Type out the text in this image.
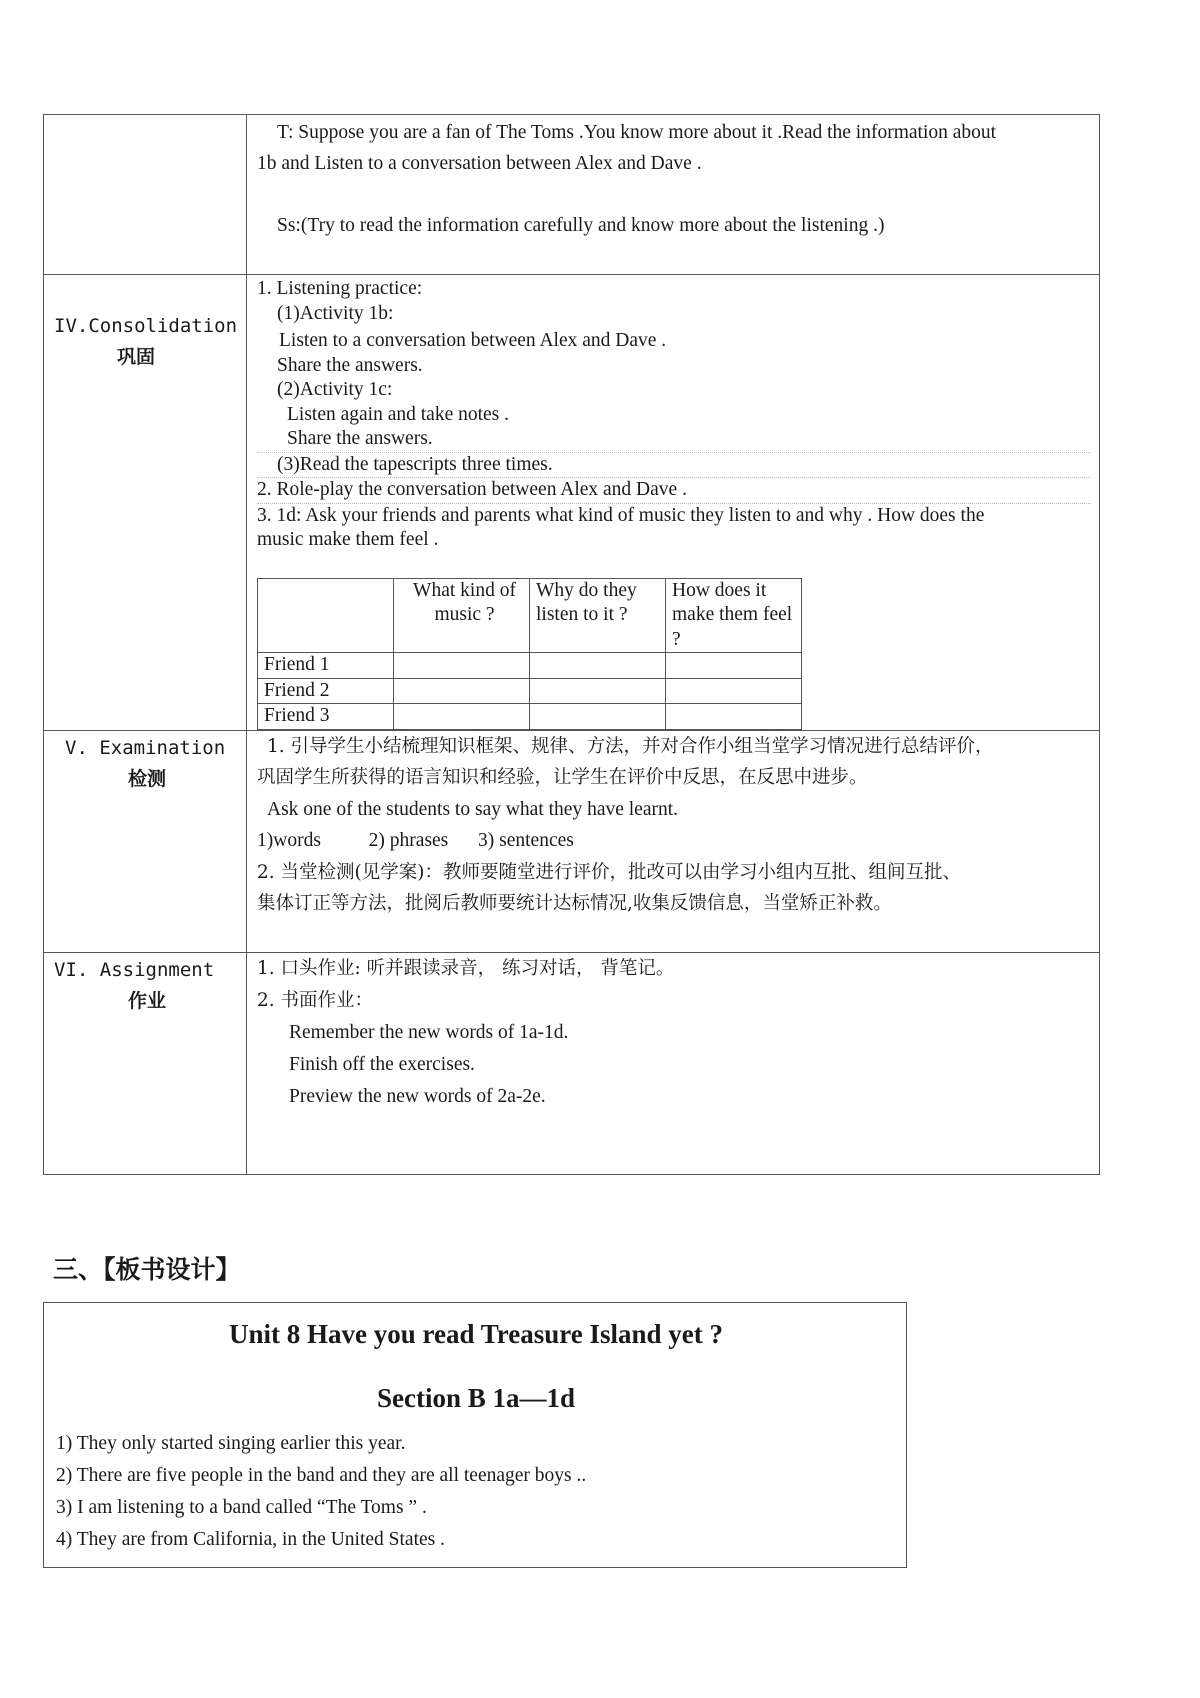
T: Suppose you are a fan of The Toms .You know more about it .Read the information about

1b and Listen to a conversation between Alex and Dave .

Ss:(Try to read the information carefully and know more about the listening .)

IV.Consolidation
巩固

1. Listening practice:

(1)Activity 1b:

Listen to a conversation between Alex and Dave .

Share the answers.

(2)Activity 1c:

Listen again and take notes .

Share the answers.

(3)Read the tapescripts three times.

2. Role-play the conversation between Alex and Dave .

3. 1d: Ask your friends and parents what kind of music they listen to and why . How does the

music make them feel .

	What kind of music ?	Why do they listen to it ?	How does it make them feel ?
Friend 1			
Friend 2			
Friend 3			

V. Examination
检测

1. 引导学生小结梳理知识框架、规律、方法，并对合作小组当堂学习情况进行总结评价，

巩固学生所获得的语言知识和经验，让学生在评价中反思，在反思中进步。

Ask one of the students to say what they have learnt.

1)words 2) phrases 3) sentences

2. 当堂检测(见学案)：教师要随堂进行评价，批改可以由学习小组内互批、组间互批、

集体订正等方法，批阅后教师要统计达标情况,收集反馈信息，当堂矫正补救。

VI. Assignment
作业

1. 口头作业: 听并跟读录音， 练习对话， 背笔记。

2. 书面作业：

Remember the new words of 1a-1d.

Finish off the exercises.

Preview the new words of 2a-2e.

三、【板书设计】
Unit 8 Have you read Treasure Island yet ?
Section B 1a—1d
1) They only started singing earlier this year.
2) There are five people in the band and they are all teenager boys ..
3) I am listening to a band called “The Toms ” .
4) They are from California, in the United States .
